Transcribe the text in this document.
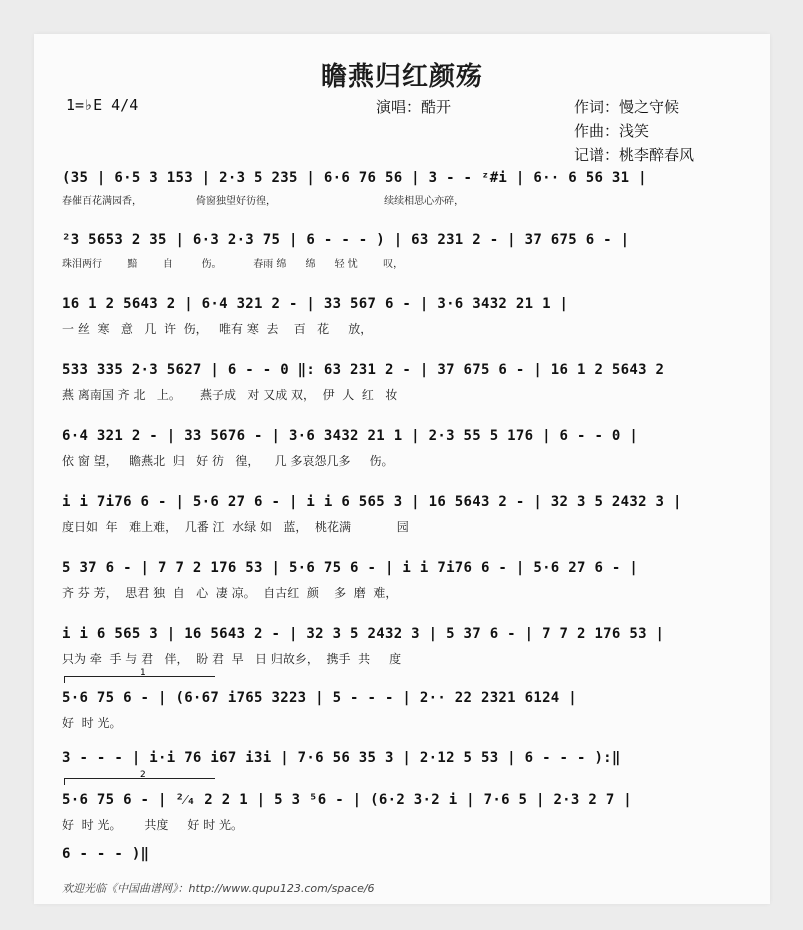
瞻燕归红颜殇
1=♭E 4/4	演唱：酷开	作词：慢之守候
作曲：浅笑
记谱：桃李醉春风
(35 | 6·5 3 153 | 2·3 5 235 | 6·6 76 56 | 3 - - ᶻ#i | 6·· 6 56 31 |
春催百花满园香，                 倚窗独望好彷徨，                                  续续相思心亦碎，
²3 5653 2 35 | 6·3 2·3 75 | 6 - - - ) | 63 231 2 - | 37 675 6 - |
珠泪两行        黯        自         伤。          春雨 绵      绵      轻 忧        叹，
16 1 2 5643 2 | 6·4 321 2 - | 33 567 6 - | 3·6 3432 21 1 |
一 丝  寒   意   几  许  伤，   唯有 寒  去    百   花     放，
533 335 2·3 5627 | 6 - - 0 ‖: 63 231 2 - | 37 675 6 - | 16 1 2 5643 2
燕 离南国 齐 北   上。     燕子成   对 又成 双，  伊  人  红   妆
6·4 321 2 - | 33 5676 - | 3·6 3432 21 1 | 2·3 55 5 176 | 6 - - 0 |
依 窗 望，   瞻燕北  归   好 彷   徨，    几 多哀怨几多     伤。
i i 7i76 6 - | 5·6 27 6 - | i i 6 565 3 | 16 5643 2 - | 32 3 5 2432 3 |
度日如  年   难上难，  几番 江  水绿 如   蓝，  桃花满            园
5 37 6 - | 7 7 2 176 53 | 5·6 75 6 - | i i 7i76 6 - | 5·6 27 6 - |
齐 芬 芳，  思君 独  自   心  凄 凉。  自古红  颜    多  磨  难，
i i 6 565 3 | 16 5643 2 - | 32 3 5 2432 3 | 5 37 6 - | 7 7 2 176 53 |
只为 牵  手 与 君   伴，  盼 君  早   日 归故乡，  携手  共     度
1
5·6 75 6 - | (6·67 i765 3223 | 5 - - - | 2·· 22 2321 6124 |
好  时 光。
3 - - - | i·i 76 i67 i3i | 7·6 56 35 3 | 2·12 5 53 | 6 - - - ):‖
2
5·6 75 6 - | ²⁄₄ 2 2 1 | 5 3 ⁵6 - | (6·2 3·2 i | 7·6 5 | 2·3 2 7 |
好  时 光。      共度     好 时 光。
6 - - - )‖
欢迎光临《中国曲谱网》：http://www.qupu123.com/space/6
